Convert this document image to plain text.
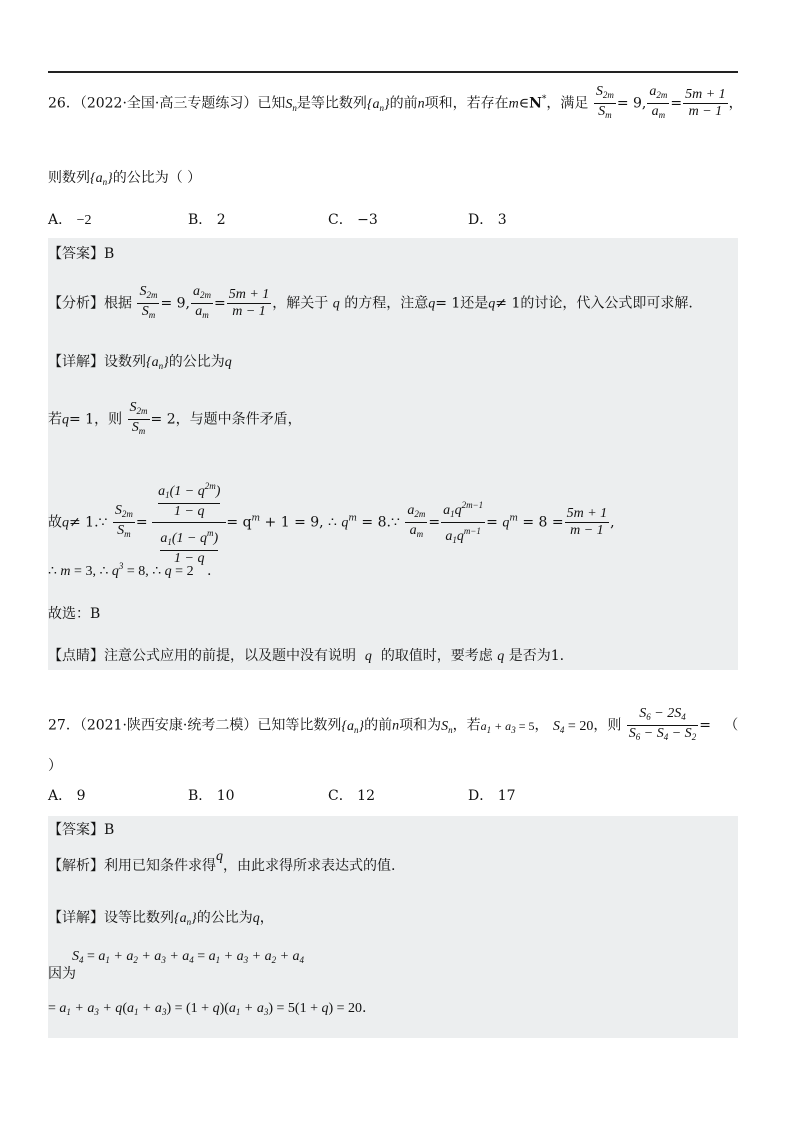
26．（2022·全国·高三专题练习）已知$S_n$是等比数列$\{a_n\}$的前n项和，若存在m∈N*，满足 $\frac{S_{2m}}{S_m} = 9$, $\frac{a_{2m}}{a_m} = \frac{5m + 1}{m - 1}$ ，
则数列$\{a_n\}$的公比为（ ）
A． −2	B． 2	C． −3	D． 3
【答案】B
【分析】根据 $\frac{S_{2m}}{S_m} = 9$, $\frac{a_{2m}}{a_m} = \frac{5m + 1}{m - 1}$ ，解关于 q 的方程，注意q= 1还是q≠ 1的讨论，代入公式即可求解.
【详解】设数列$\{a_n\}$的公比为q
若q= 1，则 $\frac{S_{2m}}{S_m} = 2$，与题中条件矛盾，
故q≠ 1.∵ $\frac{S_{2m}}{S_m} = \frac{\frac{a_1(1 - q^{2m})}{1 - q}}{\frac{a_1(1 - q^m)}{1 - q}} = q^m + 1 = 9$, ∴ $q^m$ = 8.∵ $\frac{a_{2m}}{a_m} = \frac{a_1q^{2m-1}}{a_1q^{m-1}} = q^m = 8 = \frac{5m + 1}{m - 1}$ ,
∴ m = 3, ∴ $q^3 = 8$, ∴ q = 2 .
故选：B
【点睛】注意公式应用的前提，以及题中没有说明 q 的取值时，要考虑 q 是否为1.
27．（2021·陕西安康·统考二模）已知等比数列$\{a_n\}$的前n项和为$S_n$，若$a_1 + a_3 = 5$， $S_4 = 20$，则 $\frac{S_6 - 2S_4}{S_6 - S_4 - S_2}$ = （
）
A． 9	B． 10	C． 12	D． 17
【答案】B
【解析】利用已知条件求得q，由此求得所求表达式的值.
【详解】设等比数列$\{a_n\}$的公比为q，
$S_4 = a_1 + a_2 + a_3 + a_4 = a_1 + a_3 + a_2 + a_4$
因为
= $a_1 + a_3 + q(a_1 + a_3) = (1 + q)(a_1 + a_3) = 5(1 + q) = 20$.
